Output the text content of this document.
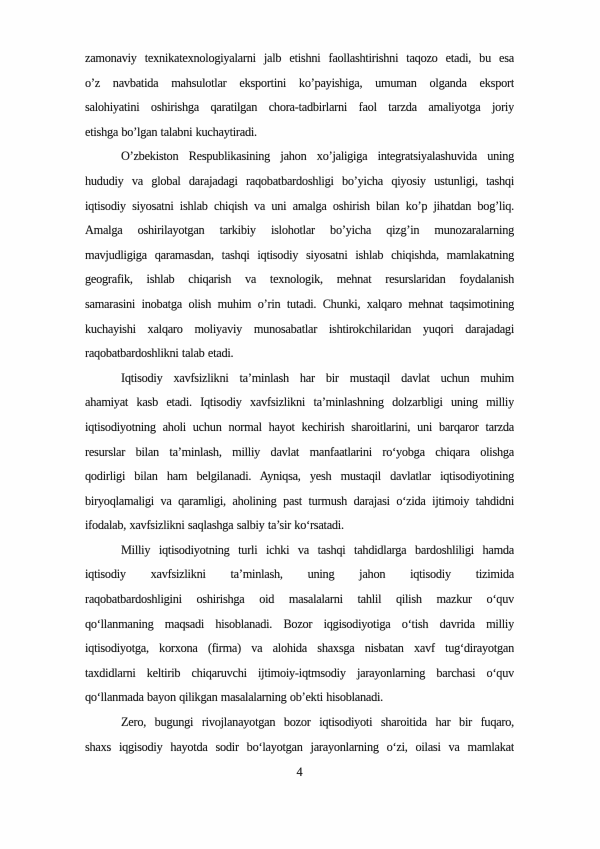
zamonaviy texnikatexnologiyalarni jalb etishni faollashtirishni taqozo etadi, bu esa
o’z navbatida mahsulotlar eksportini ko’payishiga, umuman olganda eksport
salohiyatini oshirishga qaratilgan chora-tadbirlarni faol tarzda amaliyotga joriy
etishga bo’lgan talabni kuchaytiradi.
O’zbekiston Respublikasining jahon xo’jaligiga integratsiyalashuvida uning
hududiy va global darajadagi raqobatbardoshligi bo’yicha qiyosiy ustunligi, tashqi
iqtisodiy siyosatni ishlab chiqish va uni amalga oshirish bilan ko’p jihatdan bog’liq.
Amalga oshirilayotgan tarkibiy islohotlar bo’yicha qizg’in munozaralarning
mavjudligiga qaramasdan, tashqi iqtisodiy siyosatni ishlab chiqishda, mamlakatning
geografik, ishlab chiqarish va texnologik, mehnat resurslaridan foydalanish
samarasini inobatga olish muhim o’rin tutadi. Chunki, xalqaro mehnat taqsimotining
kuchayishi xalqaro moliyaviy munosabatlar ishtirokchilaridan yuqori darajadagi
raqobatbardoshlikni talab etadi.
Iqtisodiy xavfsizlikni ta’minlash har bir mustaqil davlat uchun muhim
ahamiyat kasb etadi. Iqtisodiy xavfsizlikni ta’minlashning dolzarbligi uning milliy
iqtisodiyotning aholi uchun normal hayot kechirish sharoitlarini, uni barqaror tarzda
resurslar bilan ta’minlash, milliy davlat manfaatlarini roʻyobga chiqara olishga
qodirligi bilan ham belgilanadi. Ayniqsa, yesh mustaqil davlatlar iqtisodiyotining
biryoqlamaligi va qaramligi, aholining past turmush darajasi oʻzida ijtimoiy tahdidni
ifodalab, xavfsizlikni saqlashga salbiy ta’sir koʻrsatadi.
Milliy iqtisodiyotning turli ichki va tashqi tahdidlarga bardoshliligi hamda
iqtisodiy xavfsizlikni ta’minlash, uning jahon iqtisodiy tizimida
raqobatbardoshligini oshirishga oid masalalarni tahlil qilish mazkur oʻquv
qoʻllanmaning maqsadi hisoblanadi. Bozor iqgisodiyotiga oʻtish davrida milliy
iqtisodiyotga, korxona (firma) va alohida shaxsga nisbatan xavf tugʻdirayotgan
taxdidlarni keltirib chiqaruvchi ijtimoiy-iqtmsodiy jarayonlarning barchasi oʻquv
qoʻllanmada bayon qilikgan masalalarning ob’ekti hisoblanadi.
Zero, bugungi rivojlanayotgan bozor iqtisodiyoti sharoitida har bir fuqaro,
shaxs iqgisodiy hayotda sodir boʻlayotgan jarayonlarning oʻzi, oilasi va mamlakat
4
